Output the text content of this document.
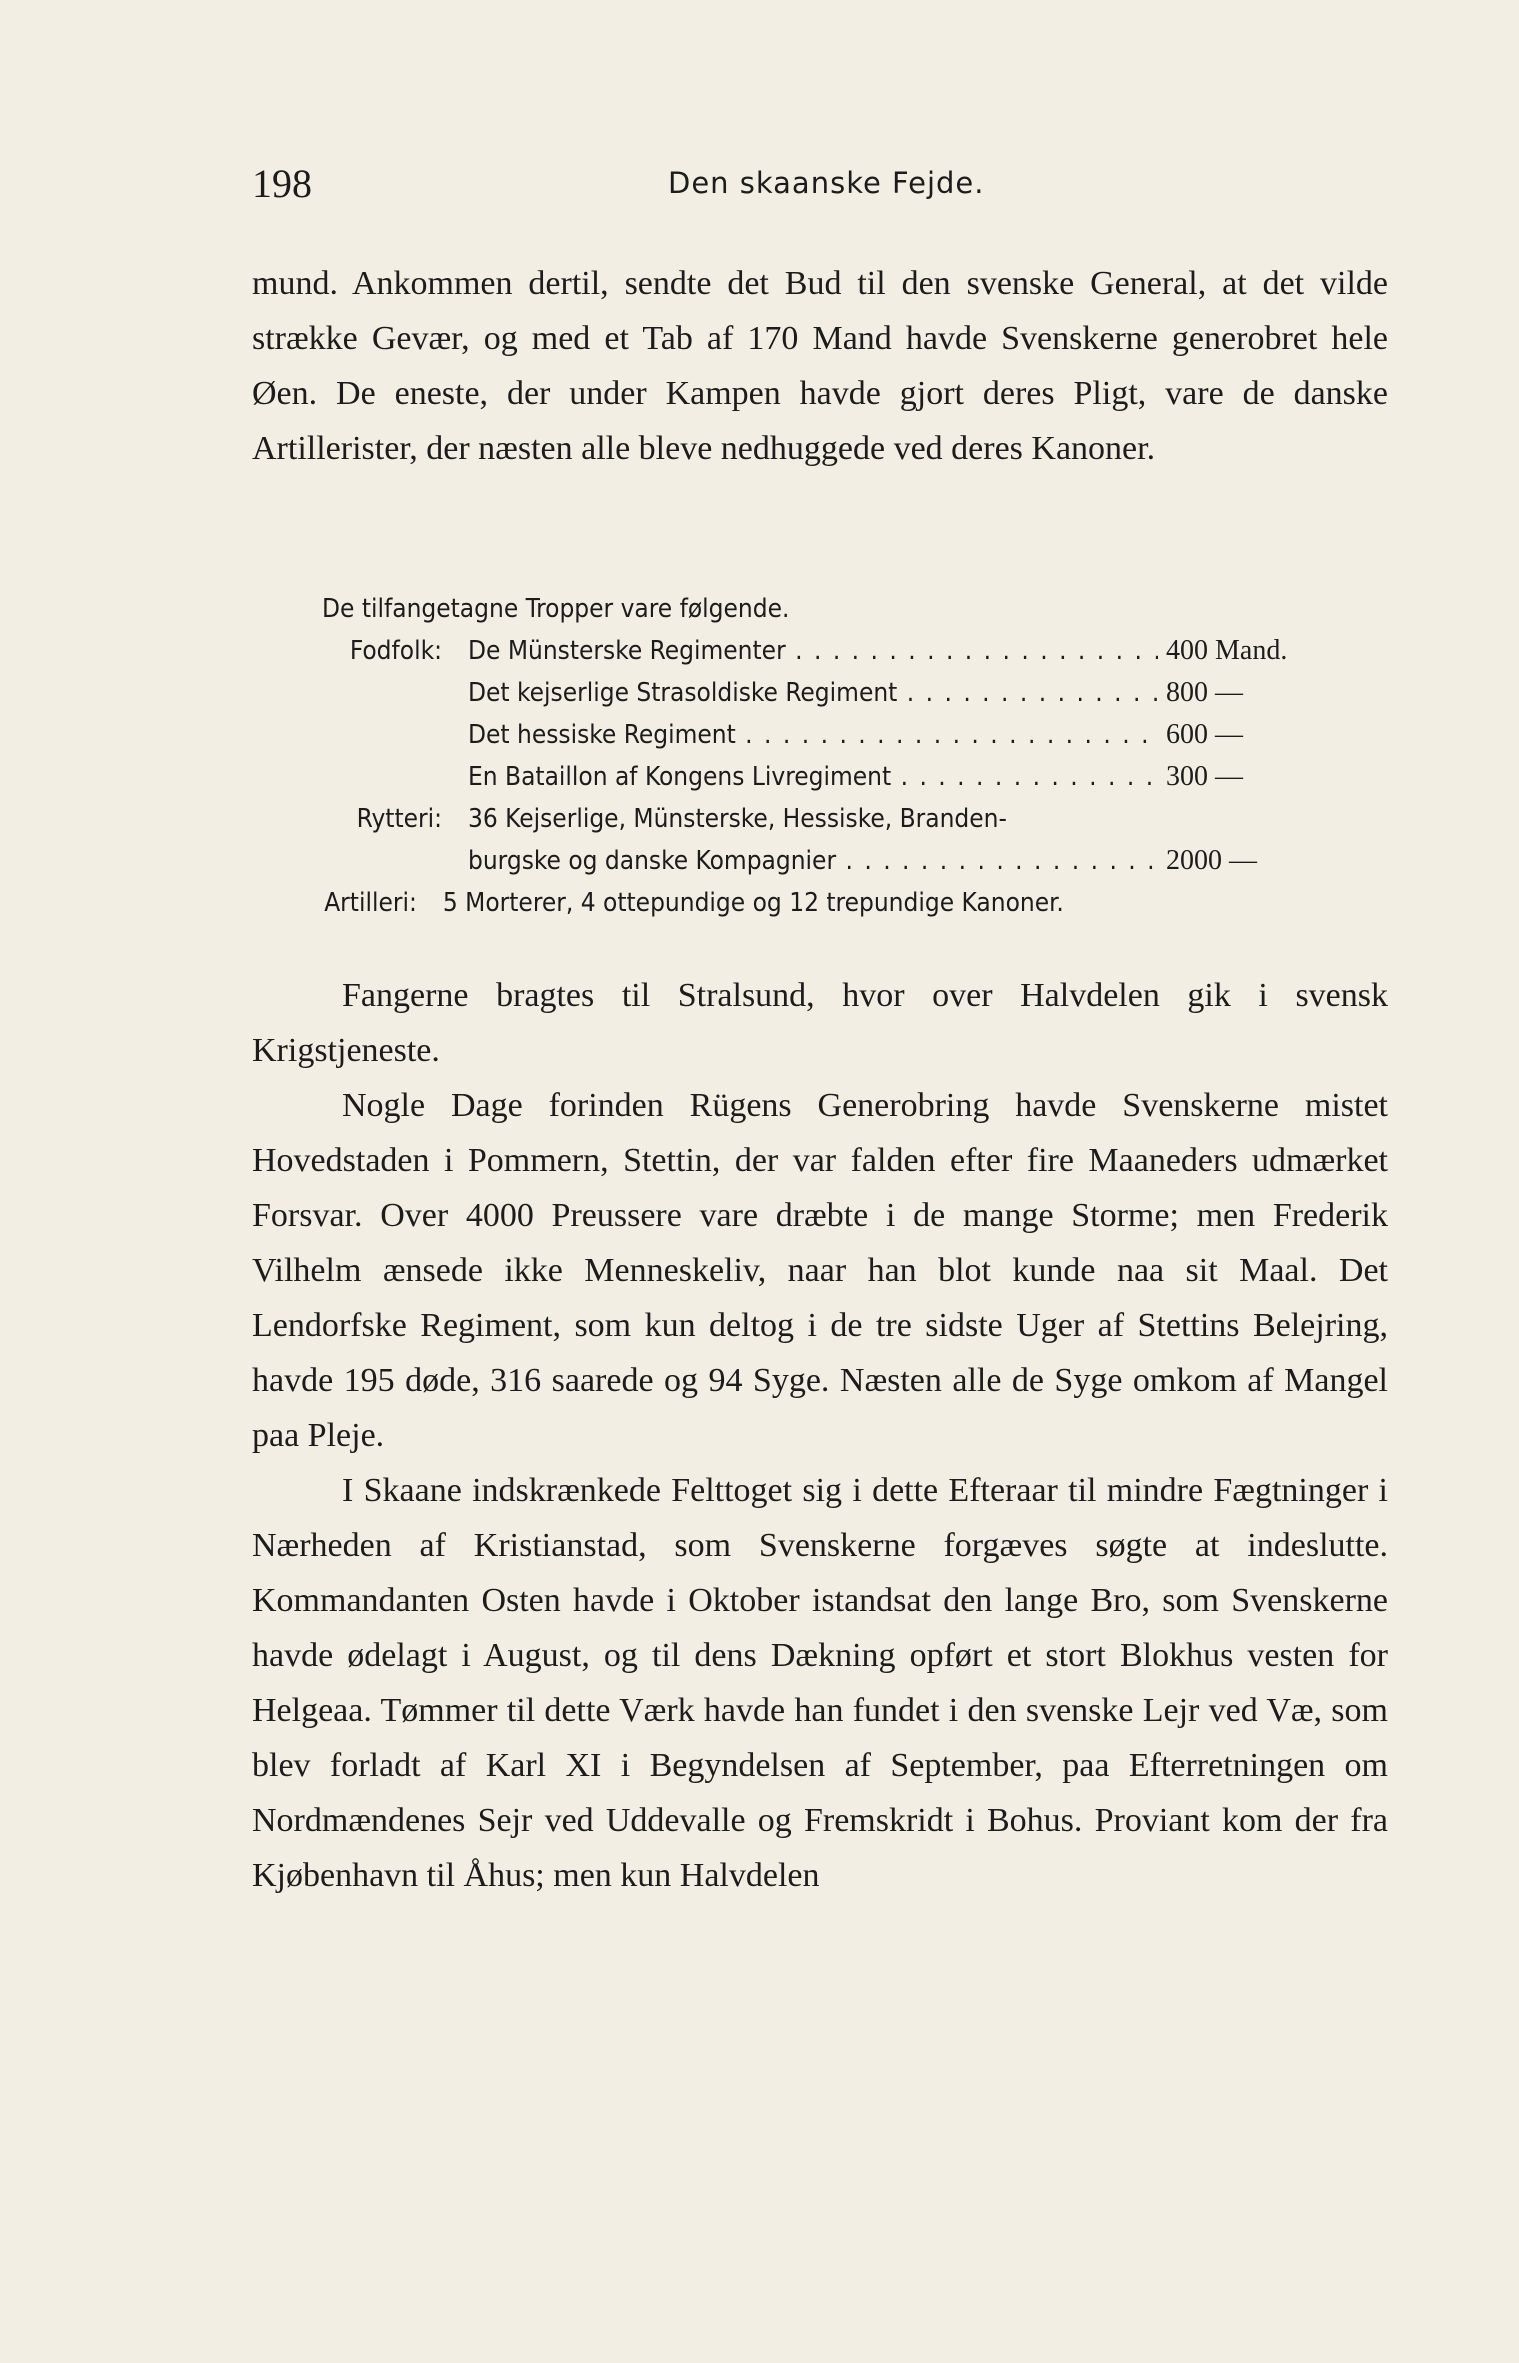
198	Den skaanske Fejde.

mund. Ankommen dertil, sendte det Bud til den svenske General, at det vilde strække Gevær, og med et Tab af 170 Mand havde Svenskerne generobret hele Øen. De eneste, der under Kampen havde gjort deres Pligt, vare de danske Artillerister, der næsten alle bleve nedhuggede ved deres Kanoner.

De tilfangetagne Tropper vare følgende.
Fodfolk:	De Münsterske Regimenter . . .	400 Mand.
Det kejserlige Strasoldiske Regiment . . .	800 —
Det hessiske Regiment . . .	600 —
En Bataillon af Kongens Livregiment . . .	300 —
Rytteri:	36 Kejserlige, Münsterske, Hessiske, Branden-
burgske og danske Kompagnier . . .	2000 —
Artilleri:	5 Morterer, 4 ottepundige og 12 trepundige Kanoner.

Fangerne bragtes til Stralsund, hvor over Halvdelen gik i svensk Krigstjeneste.

Nogle Dage forinden Rügens Generobring havde Svenskerne mistet Hovedstaden i Pommern, Stettin, der var falden efter fire Maaneders udmærket Forsvar. Over 4000 Preussere vare dræbte i de mange Storme; men Frederik Vilhelm ænsede ikke Menneskeliv, naar han blot kunde naa sit Maal. Det Lendorfske Regiment, som kun deltog i de tre sidste Uger af Stettins Belejring, havde 195 døde, 316 saarede og 94 Syge. Næsten alle de Syge omkom af Mangel paa Pleje.

I Skaane indskrænkede Felttoget sig i dette Efteraar til mindre Fægtninger i Nærheden af Kristianstad, som Svenskerne forgæves søgte at indeslutte. Kommandanten Osten havde i Oktober istandsat den lange Bro, som Svenskerne havde ødelagt i August, og til dens Dækning opført et stort Blokhus vesten for Helgeaa. Tømmer til dette Værk havde han fundet i den svenske Lejr ved Væ, som blev forladt af Karl XI i Begyndelsen af September, paa Efterretningen om Nordmændenes Sejr ved Uddevalle og Fremskridt i Bohus. Proviant kom der fra Kjøbenhavn til Åhus; men kun Halvdelen
